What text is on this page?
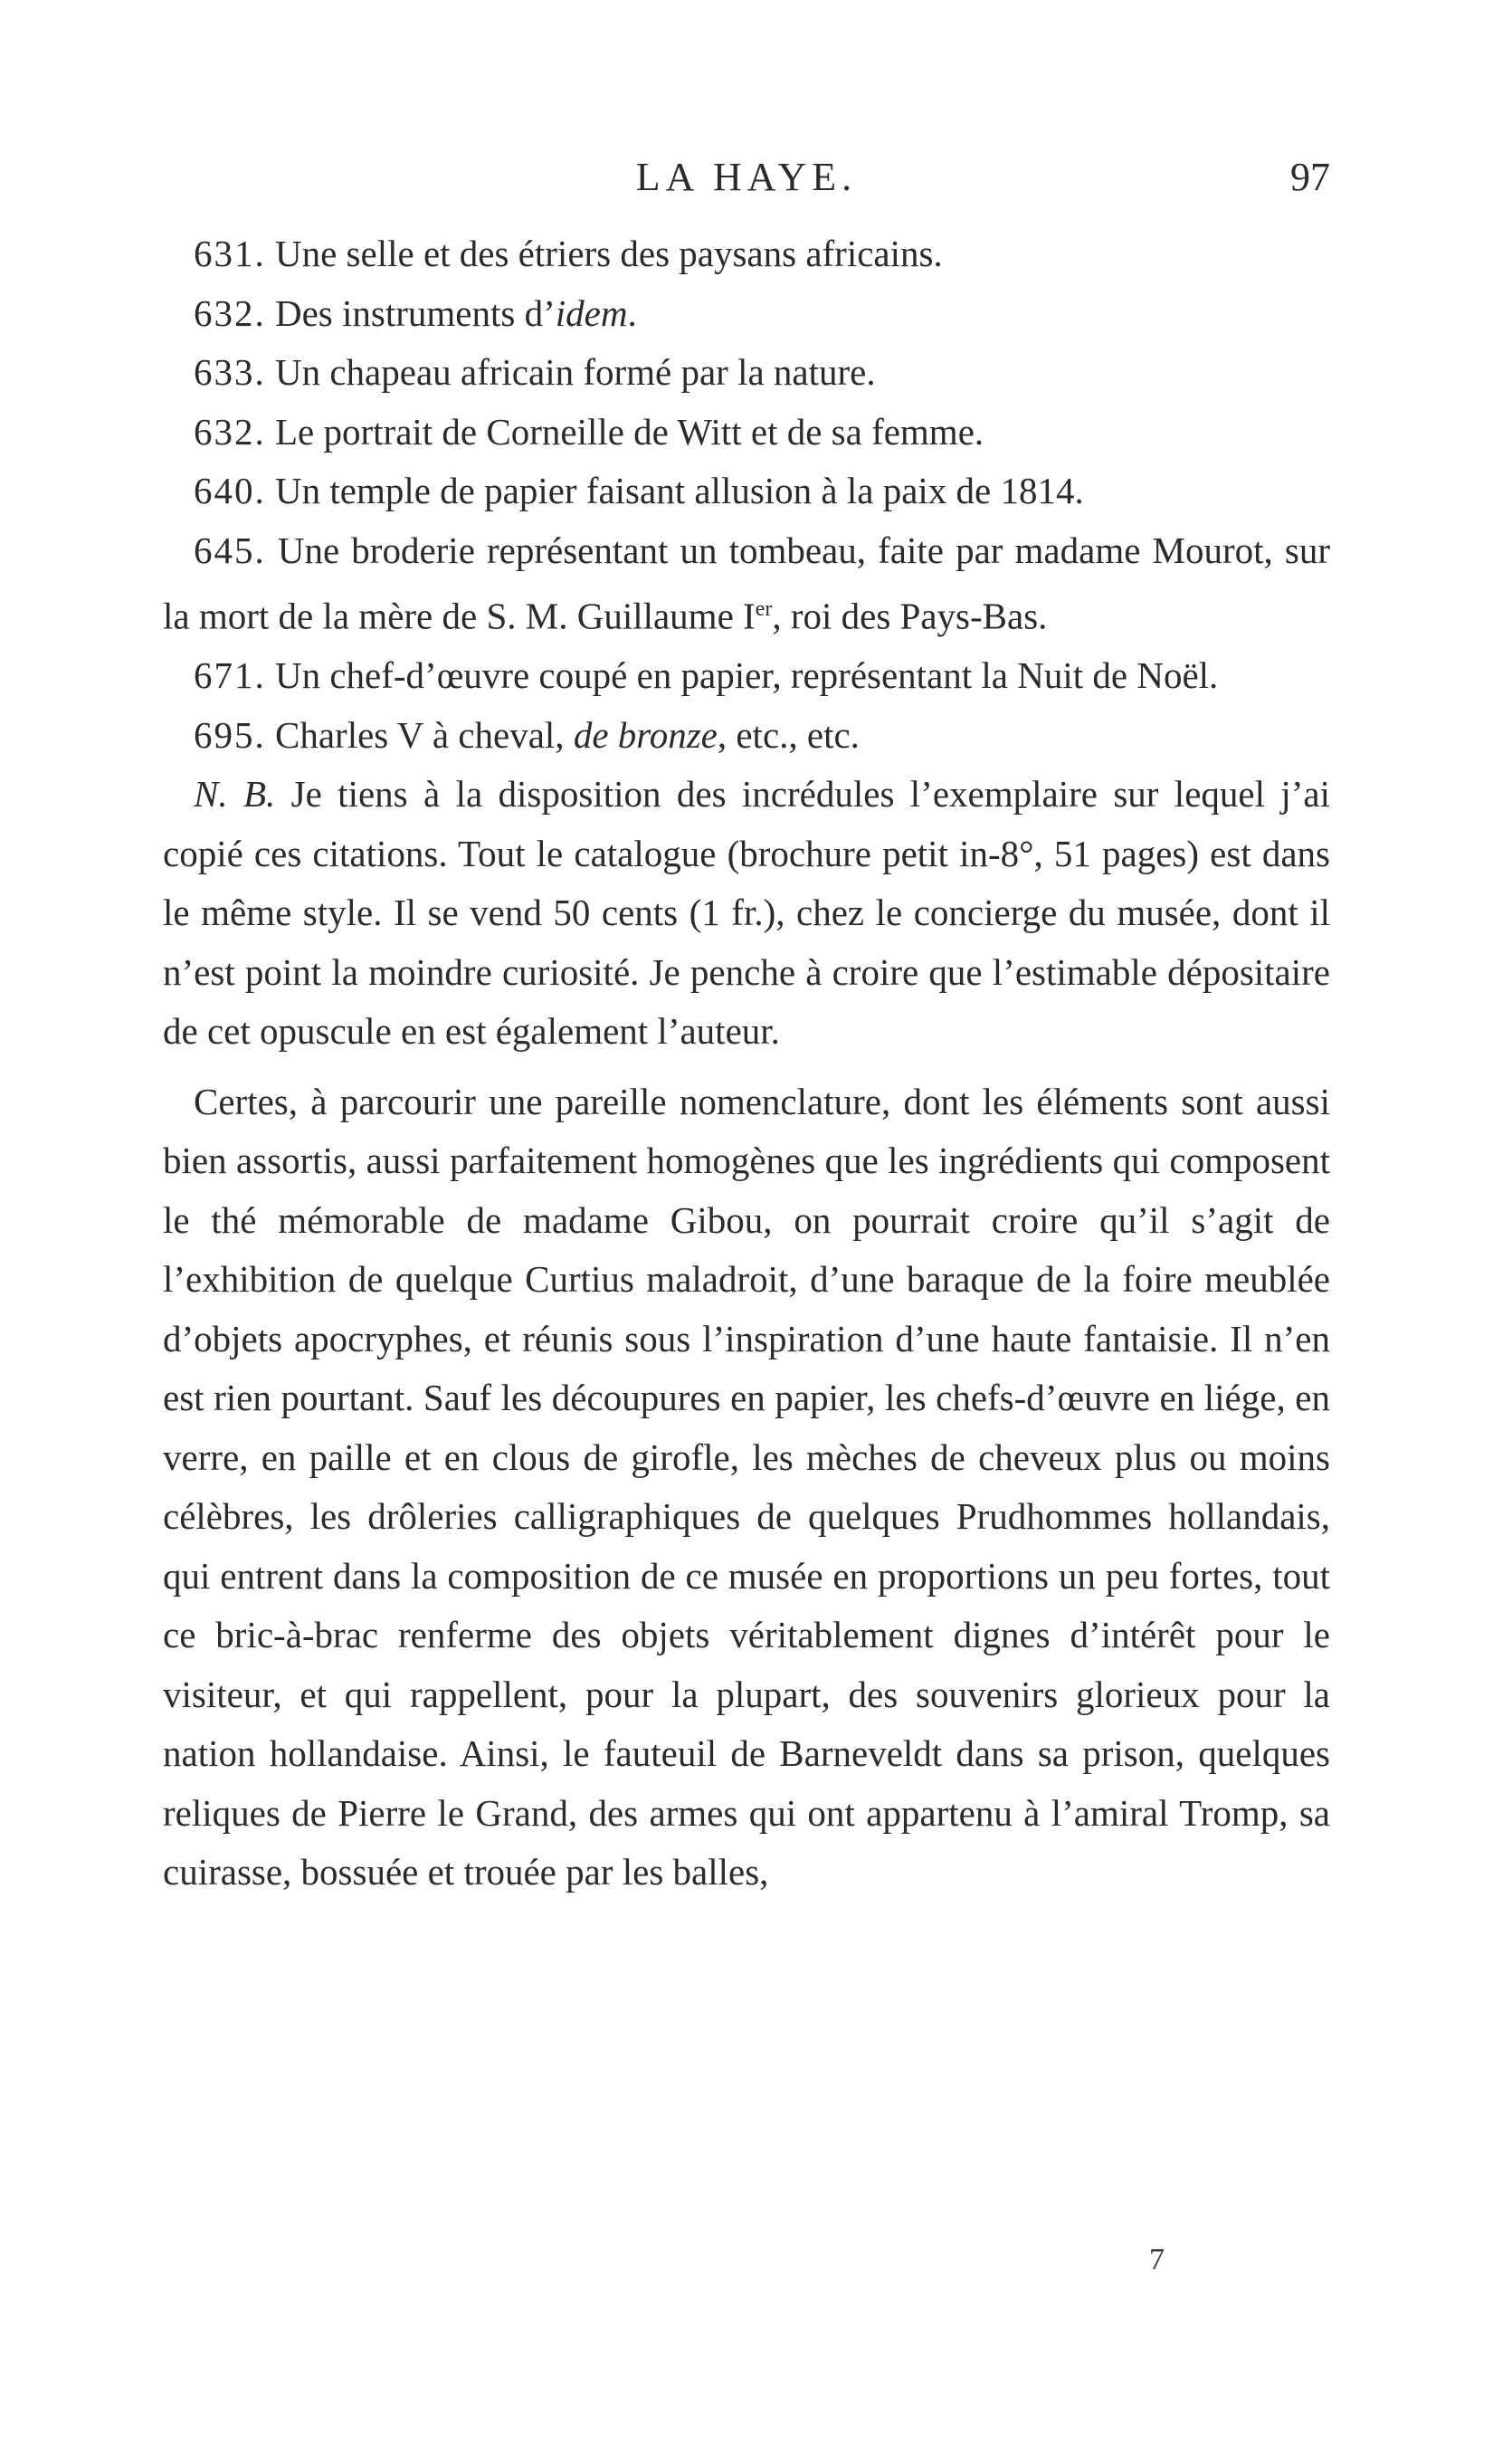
LA HAYE.	97

631. Une selle et des étriers des paysans africains.

632. Des instruments d’idem.

633. Un chapeau africain formé par la nature.

632. Le portrait de Corneille de Witt et de sa femme.

640. Un temple de papier faisant allusion à la paix de 1814.

645. Une broderie représentant un tombeau, faite par madame Mourot, sur la mort de la mère de S. M. Guillaume Ier, roi des Pays-Bas.

671. Un chef-d’œuvre coupé en papier, représentant la Nuit de Noël.

695. Charles V à cheval, de bronze, etc., etc.

N. B. Je tiens à la disposition des incrédules l’exemplaire sur lequel j’ai copié ces citations. Tout le catalogue (brochure petit in-8°, 51 pages) est dans le même style. Il se vend 50 cents (1 fr.), chez le concierge du musée, dont il n’est point la moindre curiosité. Je penche à croire que l’estimable dépositaire de cet opuscule en est également l’auteur.

Certes, à parcourir une pareille nomenclature, dont les éléments sont aussi bien assortis, aussi parfaitement homogènes que les ingrédients qui composent le thé mémorable de madame Gibou, on pourrait croire qu’il s’agit de l’exhibition de quelque Curtius maladroit, d’une baraque de la foire meublée d’objets apocryphes, et réunis sous l’inspiration d’une haute fantaisie. Il n’en est rien pourtant. Sauf les découpures en papier, les chefs-d’œuvre en liége, en verre, en paille et en clous de girofle, les mèches de cheveux plus ou moins célèbres, les drôleries calligraphiques de quelques Prudhommes hollandais, qui entrent dans la composition de ce musée en proportions un peu fortes, tout ce bric-à-brac renferme des objets véritablement dignes d’intérêt pour le visiteur, et qui rappellent, pour la plupart, des souvenirs glorieux pour la nation hollandaise. Ainsi, le fauteuil de Barneveldt dans sa prison, quelques reliques de Pierre le Grand, des armes qui ont appartenu à l’amiral Tromp, sa cuirasse, bossuée et trouée par les balles,

7
